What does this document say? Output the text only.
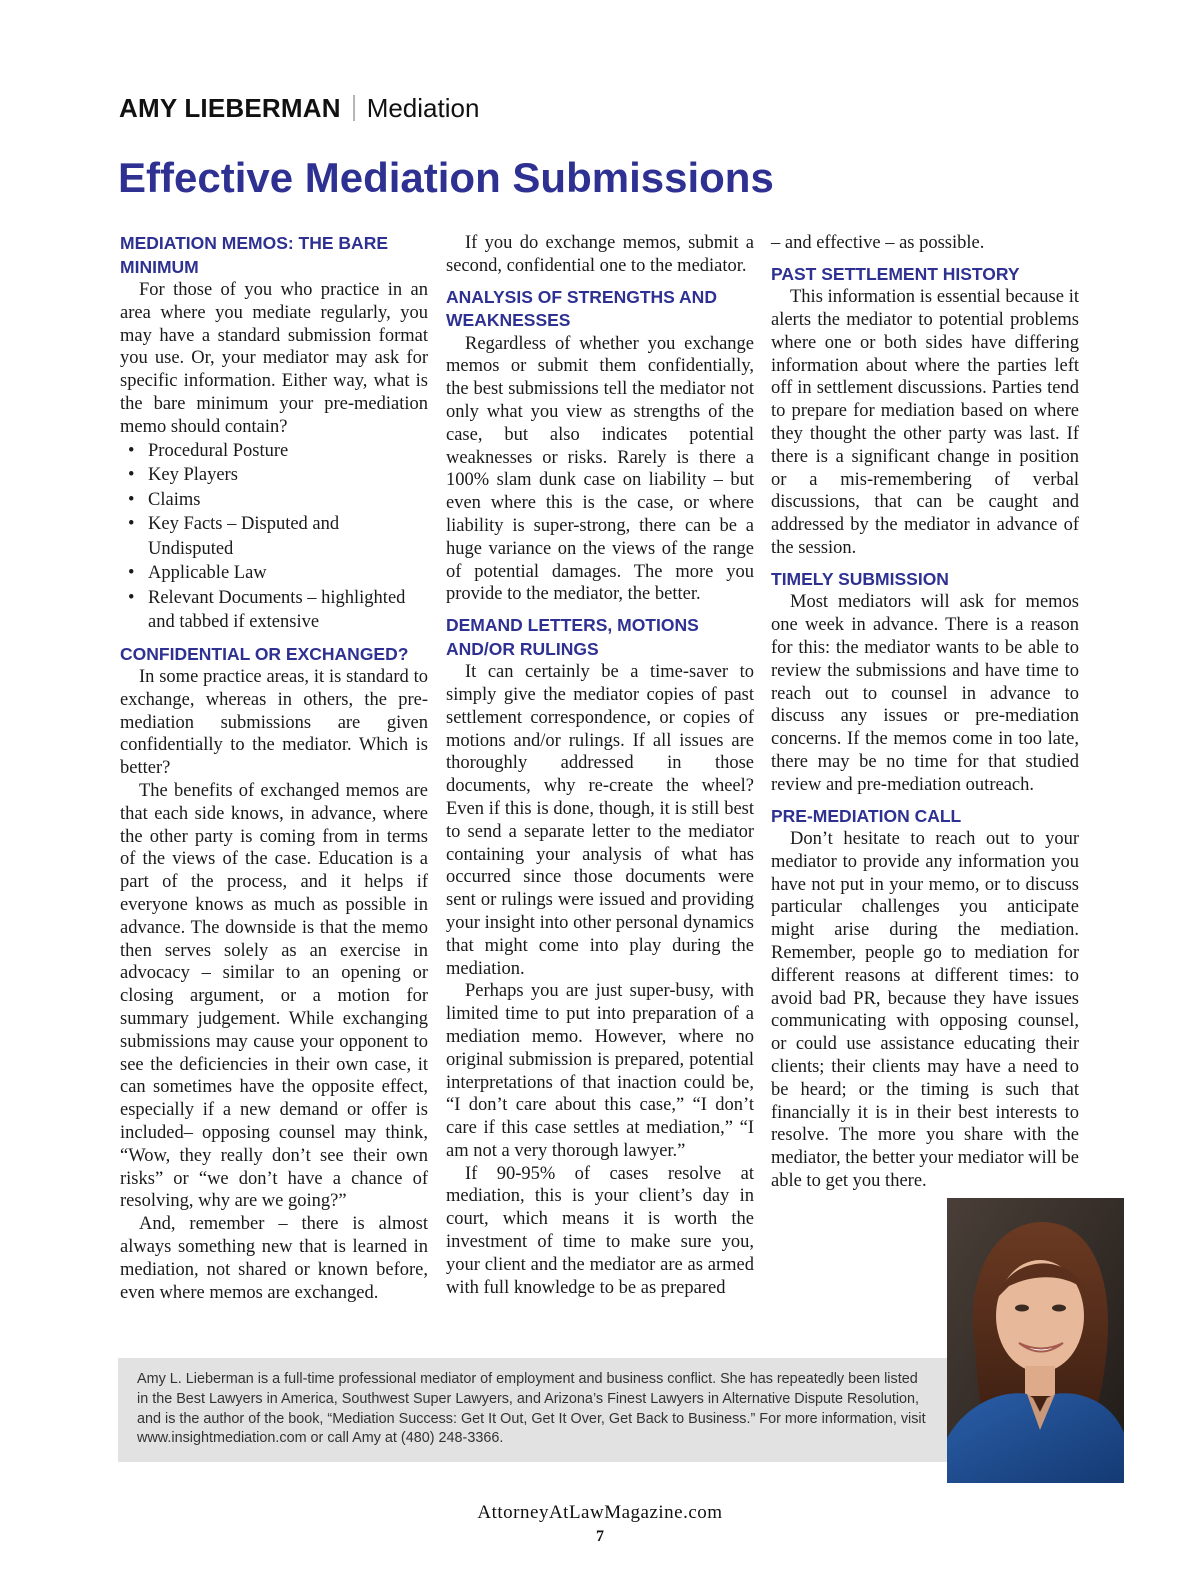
AMY LIEBERMAN Mediation
Effective Mediation Submissions
MEDIATION MEMOS: THE BARE MINIMUM

For those of you who practice in an area where you mediate regularly, you may have a standard submission format you use. Or, your mediator may ask for specific information. Either way, what is the bare minimum your pre-mediation memo should contain?

• Procedural Posture
• Key Players
• Claims
• Key Facts – Disputed and Undisputed
• Applicable Law
• Relevant Documents – highlighted and tabbed if extensive
CONFIDENTIAL OR EXCHANGED?

In some practice areas, it is standard to exchange, whereas in others, the pre-mediation submissions are given confidentially to the mediator. Which is better?

The benefits of exchanged memos are that each side knows, in advance, where the other party is coming from in terms of the views of the case. Education is a part of the process, and it helps if everyone knows as much as possible in advance. The downside is that the memo then serves solely as an exercise in advocacy – similar to an opening or closing argument, or a motion for summary judgement. While exchanging submissions may cause your opponent to see the deficiencies in their own case, it can sometimes have the opposite effect, especially if a new demand or offer is included– opposing counsel may think, “Wow, they really don’t see their own risks” or “we don’t have a chance of resolving, why are we going?”

And, remember – there is almost always something new that is learned in mediation, not shared or known before, even where memos are exchanged.

If you do exchange memos, submit a second, confidential one to the mediator.

ANALYSIS OF STRENGTHS AND WEAKNESSES

Regardless of whether you exchange memos or submit them confidentially, the best submissions tell the mediator not only what you view as strengths of the case, but also indicates potential weaknesses or risks. Rarely is there a 100% slam dunk case on liability – but even where this is the case, or where liability is super-strong, there can be a huge variance on the views of the range of potential damages. The more you provide to the mediator, the better.

DEMAND LETTERS, MOTIONS AND/OR RULINGS

It can certainly be a time-saver to simply give the mediator copies of past settlement correspondence, or copies of motions and/or rulings. If all issues are thoroughly addressed in those documents, why re-create the wheel? Even if this is done, though, it is still best to send a separate letter to the mediator containing your analysis of what has occurred since those documents were sent or rulings were issued and providing your insight into other personal dynamics that might come into play during the mediation.

Perhaps you are just super-busy, with limited time to put into preparation of a mediation memo. However, where no original submission is prepared, potential interpretations of that inaction could be, “I don’t care about this case,” “I don’t care if this case settles at mediation,” “I am not a very thorough lawyer.”

If 90-95% of cases resolve at mediation, this is your client’s day in court, which means it is worth the investment of time to make sure you, your client and the mediator are as armed with full knowledge to be as prepared

– and effective – as possible.

PAST SETTLEMENT HISTORY

This information is essential because it alerts the mediator to potential problems where one or both sides have differing information about where the parties left off in settlement discussions. Parties tend to prepare for mediation based on where they thought the other party was last. If there is a significant change in position or a mis-remembering of verbal discussions, that can be caught and addressed by the mediator in advance of the session.

TIMELY SUBMISSION

Most mediators will ask for memos one week in advance. There is a reason for this: the mediator wants to be able to review the submissions and have time to reach out to counsel in advance to discuss any issues or pre-mediation concerns. If the memos come in too late, there may be no time for that studied review and pre-mediation outreach.

PRE-MEDIATION CALL

Don’t hesitate to reach out to your mediator to provide any information you have not put in your memo, or to discuss particular challenges you anticipate might arise during the mediation. Remember, people go to mediation for different reasons at different times: to avoid bad PR, because they have issues communicating with opposing counsel, or could use assistance educating their clients; their clients may have a need to be heard; or the timing is such that financially it is in their best interests to resolve. The more you share with the mediator, the better your mediator will be able to get you there.

Amy L. Lieberman is a full-time professional mediator of employment and business conflict. She has repeatedly been listed in the Best Lawyers in America, Southwest Super Lawyers, and Arizona’s Finest Lawyers in Alternative Dispute Resolution, and is the author of the book, “Mediation Success: Get It Out, Get It Over, Get Back to Business.” For more information, visit www.insightmediation.com or call Amy at (480) 248-3366.
AttorneyAtLawMagazine.com
7
